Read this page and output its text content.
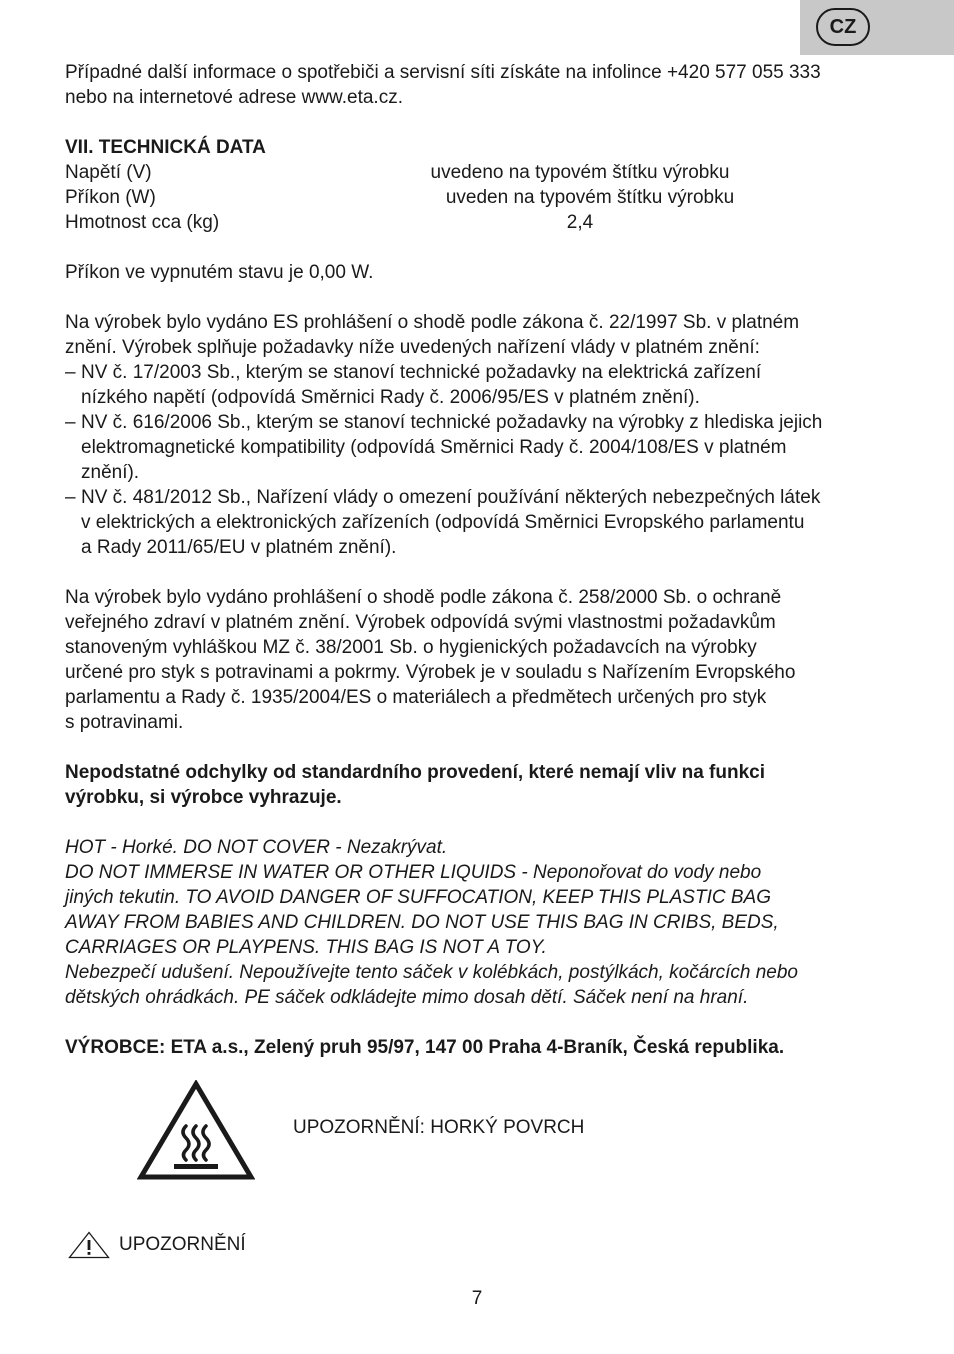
CZ

Případné další informace o spotřebiči a servisní síti získáte na infolince +420 577 055 333

nebo na internetové adrese www.eta.cz.

VII. TECHNICKÁ DATA

Napětí (V)	uvedeno na typovém štítku výrobku
Příkon (W)	uveden na typovém štítku výrobku
Hmotnost cca (kg)	2,4

Příkon ve vypnutém stavu je 0,00 W.

Na výrobek bylo vydáno ES prohlášení o shodě podle zákona č. 22/1997 Sb. v platném

znění. Výrobek splňuje požadavky níže uvedených nařízení vlády v platném znění:

– NV č. 17/2003 Sb., kterým se stanoví technické požadavky na elektrická zařízení

nízkého napětí (odpovídá Směrnici Rady č. 2006/95/ES v platném znění).

– NV č. 616/2006 Sb., kterým se stanoví technické požadavky na výrobky z hlediska jejich

elektromagnetické kompatibility (odpovídá Směrnici Rady č. 2004/108/ES v platném

znění).

– NV č. 481/2012 Sb., Nařízení vlády o omezení používání některých nebezpečných látek

v elektrických a elektronických zařízeních (odpovídá Směrnici Evropského parlamentu

a Rady 2011/65/EU v platném znění).

Na výrobek bylo vydáno prohlášení o shodě podle zákona č. 258/2000 Sb. o ochraně

veřejného zdraví v platném znění. Výrobek odpovídá svými vlastnostmi požadavkům

stanoveným vyhláškou MZ č. 38/2001 Sb. o hygienických požadavcích na výrobky

určené pro styk s potravinami a pokrmy. Výrobek je v souladu s Nařízením Evropského

parlamentu a Rady č. 1935/2004/ES o materiálech a předmětech určených pro styk

s potravinami.

Nepodstatné odchylky od standardního provedení, které nemají vliv na funkci

výrobku, si výrobce vyhrazuje.

HOT - Horké. DO NOT COVER - Nezakrývat.

DO NOT IMMERSE IN WATER OR OTHER LIQUIDS - Neponořovat do vody nebo

jiných tekutin. TO AVOID DANGER OF SUFFOCATION, KEEP THIS PLASTIC BAG

AWAY FROM BABIES AND CHILDREN. DO NOT USE THIS BAG IN CRIBS, BEDS,

CARRIAGES OR PLAYPENS. THIS BAG IS NOT A TOY.

Nebezpečí udušení. Nepoužívejte tento sáček v kolébkách, postýlkách, kočárcích nebo

dětských ohrádkách. PE sáček odkládejte mimo dosah dětí. Sáček není na hraní.

VÝROBCE: ETA a.s., Zelený pruh 95/97, 147 00 Praha 4-Braník, Česká republika.

UPOZORNĚNÍ: HORKÝ POVRCH
UPOZORNĚNÍ
7
